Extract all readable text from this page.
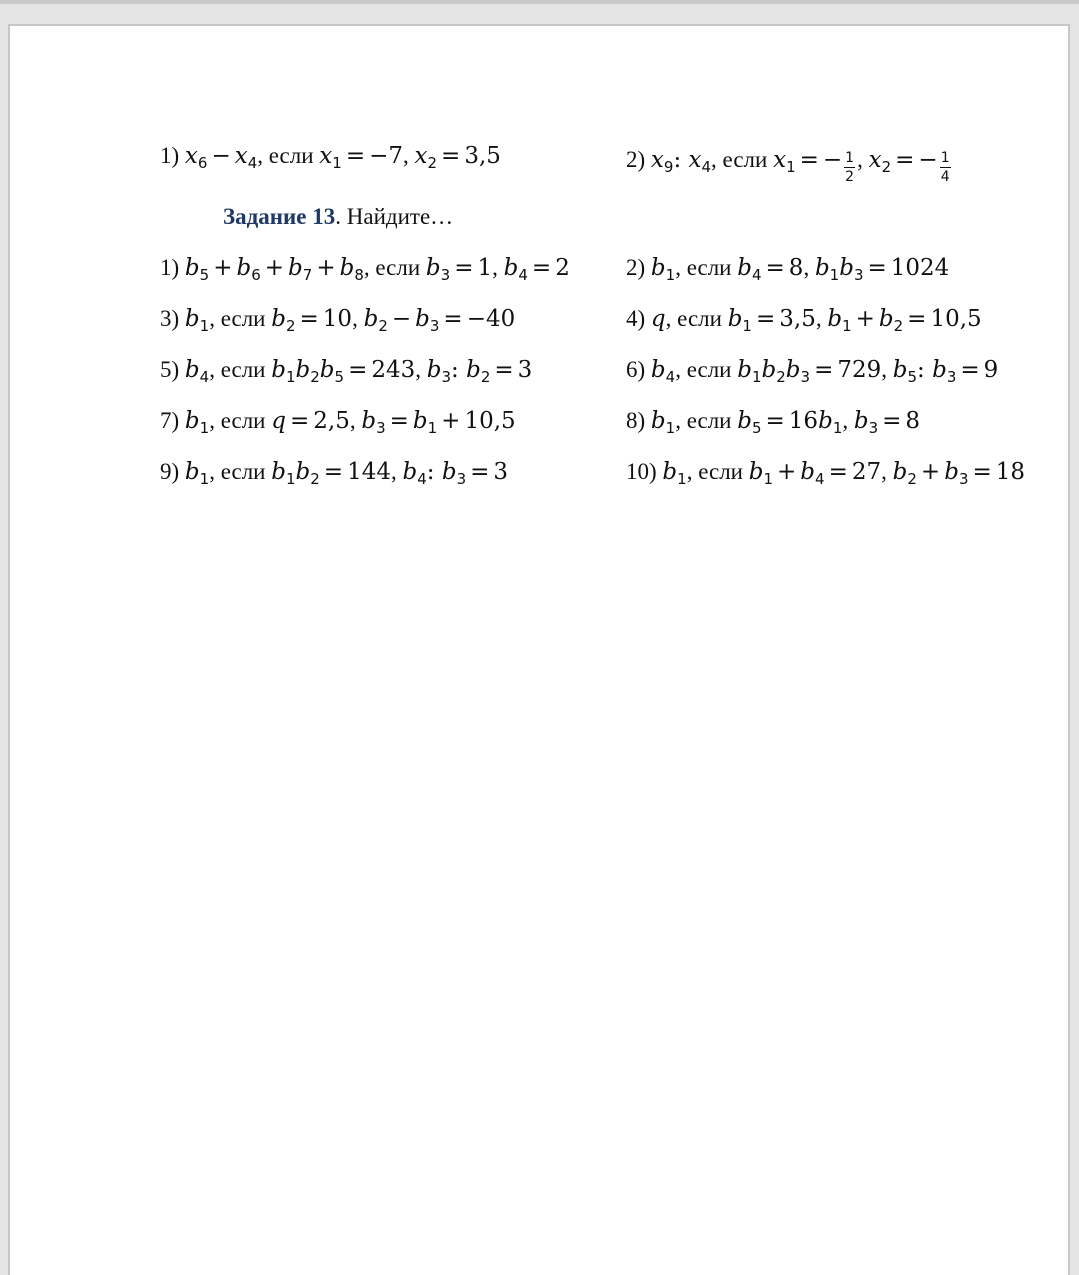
1) $x_6 - x_4$, если $x_1 = -7$, $x_2 = 3,5$	2) $x_9$: $x_4$, если $x_1$ = − $\frac{1}{2}$ , $x_2$ = − $\frac{1}{4}$
Задание 13. Найдите…
1) $b_5 + b_6 + b_7 + b_8$, если $b_3 = 1$, $b_4 = 2$ 2) $b_1$, если $b_4 = 8$, $b_1b_3 = 1024$
3) $b_1$, если $b_2 = 10$, $b_2 - b_3 = -40$	4) q, если $b_1 = 3,5$, $b_1 + b_2 = 10,5$
5) $b_4$, если $b_1b_2b_5 = 243$, $b_3$: $b_2 = 3$	6) $b_4$, если $b_1b_2b_3 = 729$, $b_5$: $b_3 = 9$
7) $b_1$, если q = 2,5, $b_3 = b_1 + 10,5$	8) $b_1$, если $b_5 = 16b_1$, $b_3 = 8$
9) $b_1$, если $b_1b_2 = 144$, $b_4$: $b_3 = 3$	10) $b_1$, если $b_1 + b_4 = 27$, $b_2 + b_3 = 18$
